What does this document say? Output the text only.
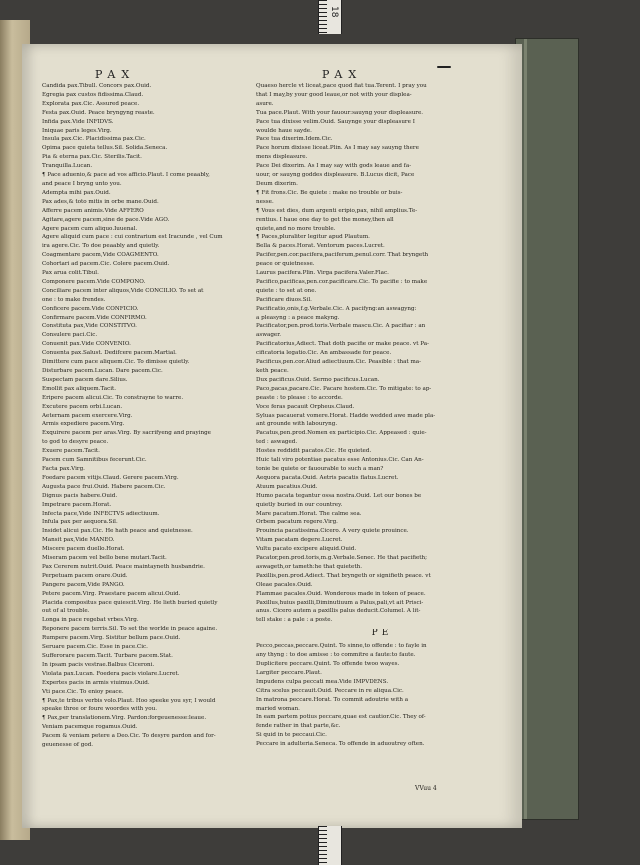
18
PAX	PAX
Candida pax.Tibull. Concors pax.Ouid.
Egregia pax custos fidissima.Claud.
Explorata pax.Cic. Assured peace.
Festa pax.Ouid. Peace bryngyng reaste.
Infida pax.Vide INFIDVS.
Iniquae paris leges.Virg.
Insula pax.Cic. Placidissima pax.Cic.
Opima pace quieta tellus.Sil. Solida.Seneca.
Pia & eterna pax.Cic. Sterilis.Tacit.
Tranquilla.Lucan.
¶ Pace aduenio,& pace ad vos afficio.Plaut. I come peaably,
and peace I bryng unto you.
Adempta mihi pax.Ouid.
Pax ades,& toto mitis in orbe mane.Ouid.
Afferre pacem animis.Vide AFFERO
Agitare,agere pacem,sine de pace.Vide AGO.
Agere pacem cum aliquo.Iuuenal.
Agere aliquid cum pace : cui contrarium est Iracunde , vel Cum
ira agere.Cic. To doe peaably and quietly.
Coagmentare pacem,Vide COAGMENTO.
Cohortari ad pacem.Cic. Colere pacem.Ouid.
Pax arua colit.Tibul.
Componere pacem.Vide COMPONO.
Conciliare pacem inter aliquos,Vide CONCILIO. To set at
one : to make frendes.
Conficere pacem.Vide CONFICIO.
Confirmare pacem.Vide CONFIRMO.
Constituta pax,Vide CONSTITVO.
Consulere paci.Cic.
Conuenit pax.Vide CONVENIO.
Conuenta pax.Salust. Dedifcere pacem.Martial.
Dimittere cum pace aliquem.Cic. To dimisse quietly.
Disturbare pacem.Lucan. Dare pacem.Cic.
Suspectam pacem dare.Silius.
Emollit pax aliquem.Tacit.
Eripere pacem alicui.Cic. To constrayne to warre.
Excutere pacem orbi.Lucan.
Aeternam pacem exercere.Virg.
Armis expediere pacem.Virg.
Exquirere pacem per aras.Virg. By sacrifyeng and prayinge
to god to desyre peace.
Exuere pacem.Tacit.
Pacem cum Samnitibus fecerunt.Cic.
Facta pax.Virg.
Foedare pacem vitijs.Claud. Gerere pacem.Virg.
Augusta pace frui.Ouid. Habere pacem.Cic.
Dignus pacis habere.Ouid.
Impetrare pacem.Horat.
Infecta pace,Vide INFECTVS adiectiuum.
Infula pax per aequora.Sil.
Insidet alicui pax.Cic. He hath peace and quietnesse.
Mansit pax,Vide MANEO.
Miscere pacem duello.Horat.
Miseram pacem vel bello bene mutari.Tacit.
Pax Cererem nutrit.Ouid. Peace maintayneth husbandrie.
Perpetuam pacem orare.Ouid.
Pangere pacem,Vide PANGO.
Petere pacem.Virg. Praestare pacem alicui.Ouid.
Placida compositus pace quiescit.Virg. He lieth buried quietly
out of al trouble.
Longa in pace regebat vrbes.Virg.
Reponere pacem terris.Sil. To set the worlde in peace againe.
Rumpere pacem.Virg. Sistitur bellum pace.Ouid.
Seruare pacem.Cic. Esse in pace.Cic.
Sufferorare pacem.Tacit. Turbare pacem.Stat.
In ipsam pacis vestrae.Balbus Ciceroni.
Violata pax.Lucan. Foedera pacis violare.Lucret.
Expertes pacis in armis viuimus.Ouid.
Vti pace.Cic. To enioy peace.
¶ Pax,te tribus verbis volo.Plaut. Hoo speeke you syr, I would
speake three or foure woordes with you.
¶ Pax,per translationem.Virg. Pardon:forgeuenesse:leaue.
Veniam pacemque rogamus.Ouid.
Pacem & veniam petere a Deo.Cic. To desyre pardon and for-
geuenesse of god.
Quaeso hercle vt liceat,pace quod fiat tua.Terent. I pray you
that I may,by your good leaue,or not with your displea-
asure.
Tua pace.Plaut. With your fauour:sauyng your displeasure.
Pace tua dixisse velim.Ouid. Sauynge your displeasure I
woulde haue sayde.
Pace tua dixerim.Idem.Cic.
Pace horum dixisse liceat.Plin. As I may say sauyng there
mens displeasure.
Pace Dei dixerim. As I may say with gods leaue and fa-
uour, or sauyng goddes displeasure. B.Lucus dicit, Pace
Deum dixerim.
¶ Fit frons.Cic. Be quiete : make no trouble or buis-
nesse.
¶ Vous est dies, dum argenti eripio,pax, nihil amplius.Te-
rentius. I haue one day to get the money,then all
quiete,and no more trouble.
¶ Paces,pluraliter legitur apud Plautum.
Bella & paces.Horat. Ventorum paces.Lucret.
Pacifer,pen.cor.pacifera,paciferum,penul.corr. That bryngeth
peace or quietnesse.
Laurus pacifera.Plin. Virga pacifera.Valer.Flac.
Pacifico,pacificas,pen.cor.pacificare.Cic. To pacifie : to make
quiete : to set at one.
Pacificare diuos.Sil.
Pacificatio,onis,f.g.Verbale.Cic. A pacifyng:an aswagyng:
a pleasyng : a peace makyng.
Pacificator,pen.prod.toris.Verbale mascu.Cic. A pacifiar : an
aswager.
Pacificatorius,Adiect. That doth pacifie or make peace. vt Pa-
cificatoria legatio.Cic. An ambassade for peace.
Pacificus,pen.cor.Aliud adiectiuum.Cic. Peasible : that ma-
keth peace.
Dux pacificus.Ouid. Sermo pacificus.Lucan.
Paco,pacas,pacare.Cic. Pacare hostem.Cic. To mitigate: to ap-
peaste : to please : to accorde.
Voce feras pacauit Orpheus.Claud.
Syluas pacauerat vomere.Horat. Hadde wedded awe made pla-
ant grounde with labouryng.
Pacatus,pen.prod.Nomen ex participio.Cic. Appeased : quie-
ted : aswaged.
Hostes reddidit pacatos.Cic. He quieted.
Huic tali viro potentiae pacatus esse Antonius.Cic. Can An-
tonie be quiete or fauourable to such a man?
Aequora pacata.Ouid. Aetris pacatis flatus.Lucret.
Atuum pacatius.Ouid.
Humo pacata tegantur ossa nostra.Ouid. Let our bones be
quietly buried in our countrey.
Mare pacatum.Horat. The calme sea.
Orbem pacatum regere.Virg.
Prouincia pacatissima.Cicero. A very quiete prouince.
Vitam pacatam degere.Lucret.
Vultu pacato excipere aliquid.Ouid.
Pacator,pen.prod.toris,m.g.Verbale.Senec. He that pacifieth;
aswageth,or tameth:he that quieteth.
Paxillis,pen.prod.Adiect. That bryngeth or signifieth peace. vt
Oleae pacales.Ouid.
Flammae pacales.Ouid. Wonderous made in token of peace.
Paxillus,huius paxilli,Diminutiuum a Palus,pali,vt ait Prisci-
anus. Cicero autem a paxillis palus deducit.Columel. A lit-
tell stake : a pale : a poste.
PE
Pecco,peccas,peccare.Quint. To sinne,to offende : to fayle in
any thyng : to doe amisse : to commitre a faute:to faute.
Duplicitere peccare.Quint. To offende twoo wayes.
Largiter peccare.Plaut.
Impudens culpa peccati mea.Vide IMPVDENS.
Citra scelus peccauit.Ouid. Peccare in re aliqua.Cic.
In matrona peccare.Horat. To commit adoutrie with a
maried woman.
In eam partem potius peccare,quae est cautior.Cic. They of-
fende rather in that parte,&c.
Si quid in te peccaui.Cic.
Peccare in adulteria.Seneca. To offende in aduoutrey often.
VVuu 4
